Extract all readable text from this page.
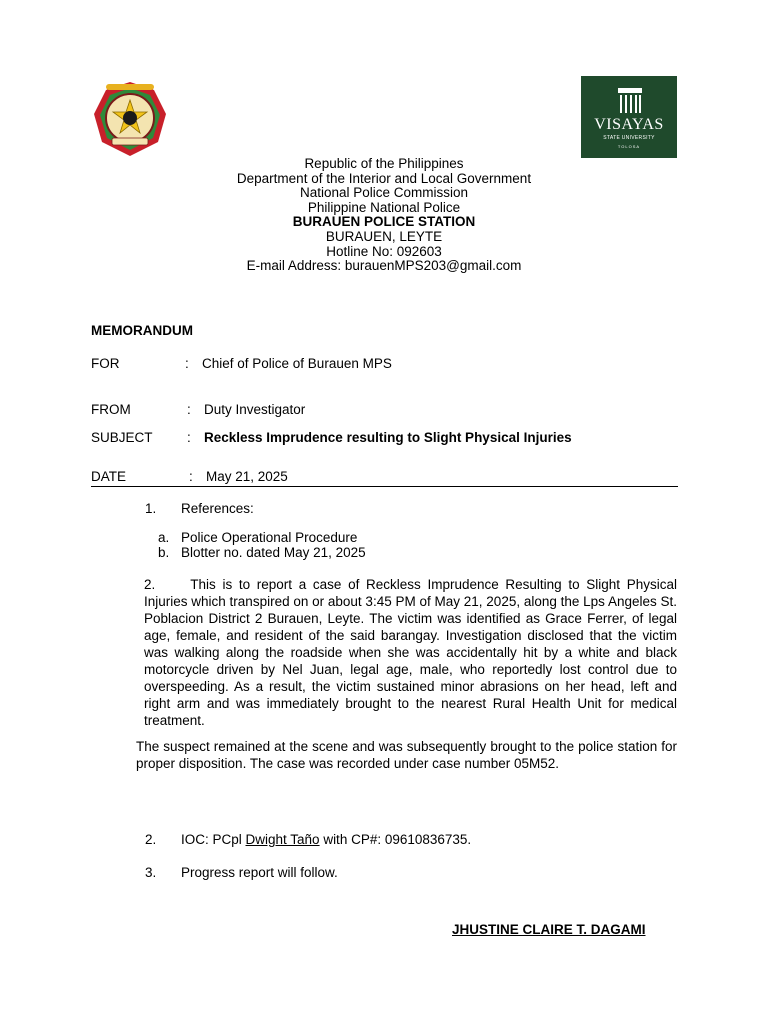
VISAYAS
STATE UNIVERSITY
TOLOSA
Republic of the Philippines
Department of the Interior and Local Government
National Police Commission
Philippine National Police
BURAUEN POLICE STATION
BURAUEN, LEYTE
Hotline No: 092603
E-mail Address: burauenMPS203@gmail.com
MEMORANDUM
FOR	: Chief of Police of Burauen MPS
FROM	: Duty Investigator
SUBJECT	: Reckless Imprudence resulting to Slight Physical Injuries
DATE	: May 21, 2025
1. References:
a. Police Operational Procedure
b. Blotter no. dated May 21, 2025
2.	This is to report a case of Reckless Imprudence Resulting to Slight Physical Injuries which transpired on or about 3:45 PM of May 21, 2025, along the Lps Angeles St. Poblacion District 2 Burauen, Leyte. The victim was identified as Grace Ferrer, of legal age, female, and resident of the said barangay. Investigation disclosed that the victim was walking along the roadside when she was accidentally hit by a white and black motorcycle driven by Nel Juan, legal age, male, who reportedly lost control due to overspeeding. As a result, the victim sustained minor abrasions on her head, left and right arm and was immediately brought to the nearest Rural Health Unit for medical treatment.
The suspect remained at the scene and was subsequently brought to the police station for proper disposition. The case was recorded under case number 05M52.
2. IOC: PCpl Dwight Taño with CP#: 09610836735.
3. Progress report will follow.
JHUSTINE CLAIRE T. DAGAMI
